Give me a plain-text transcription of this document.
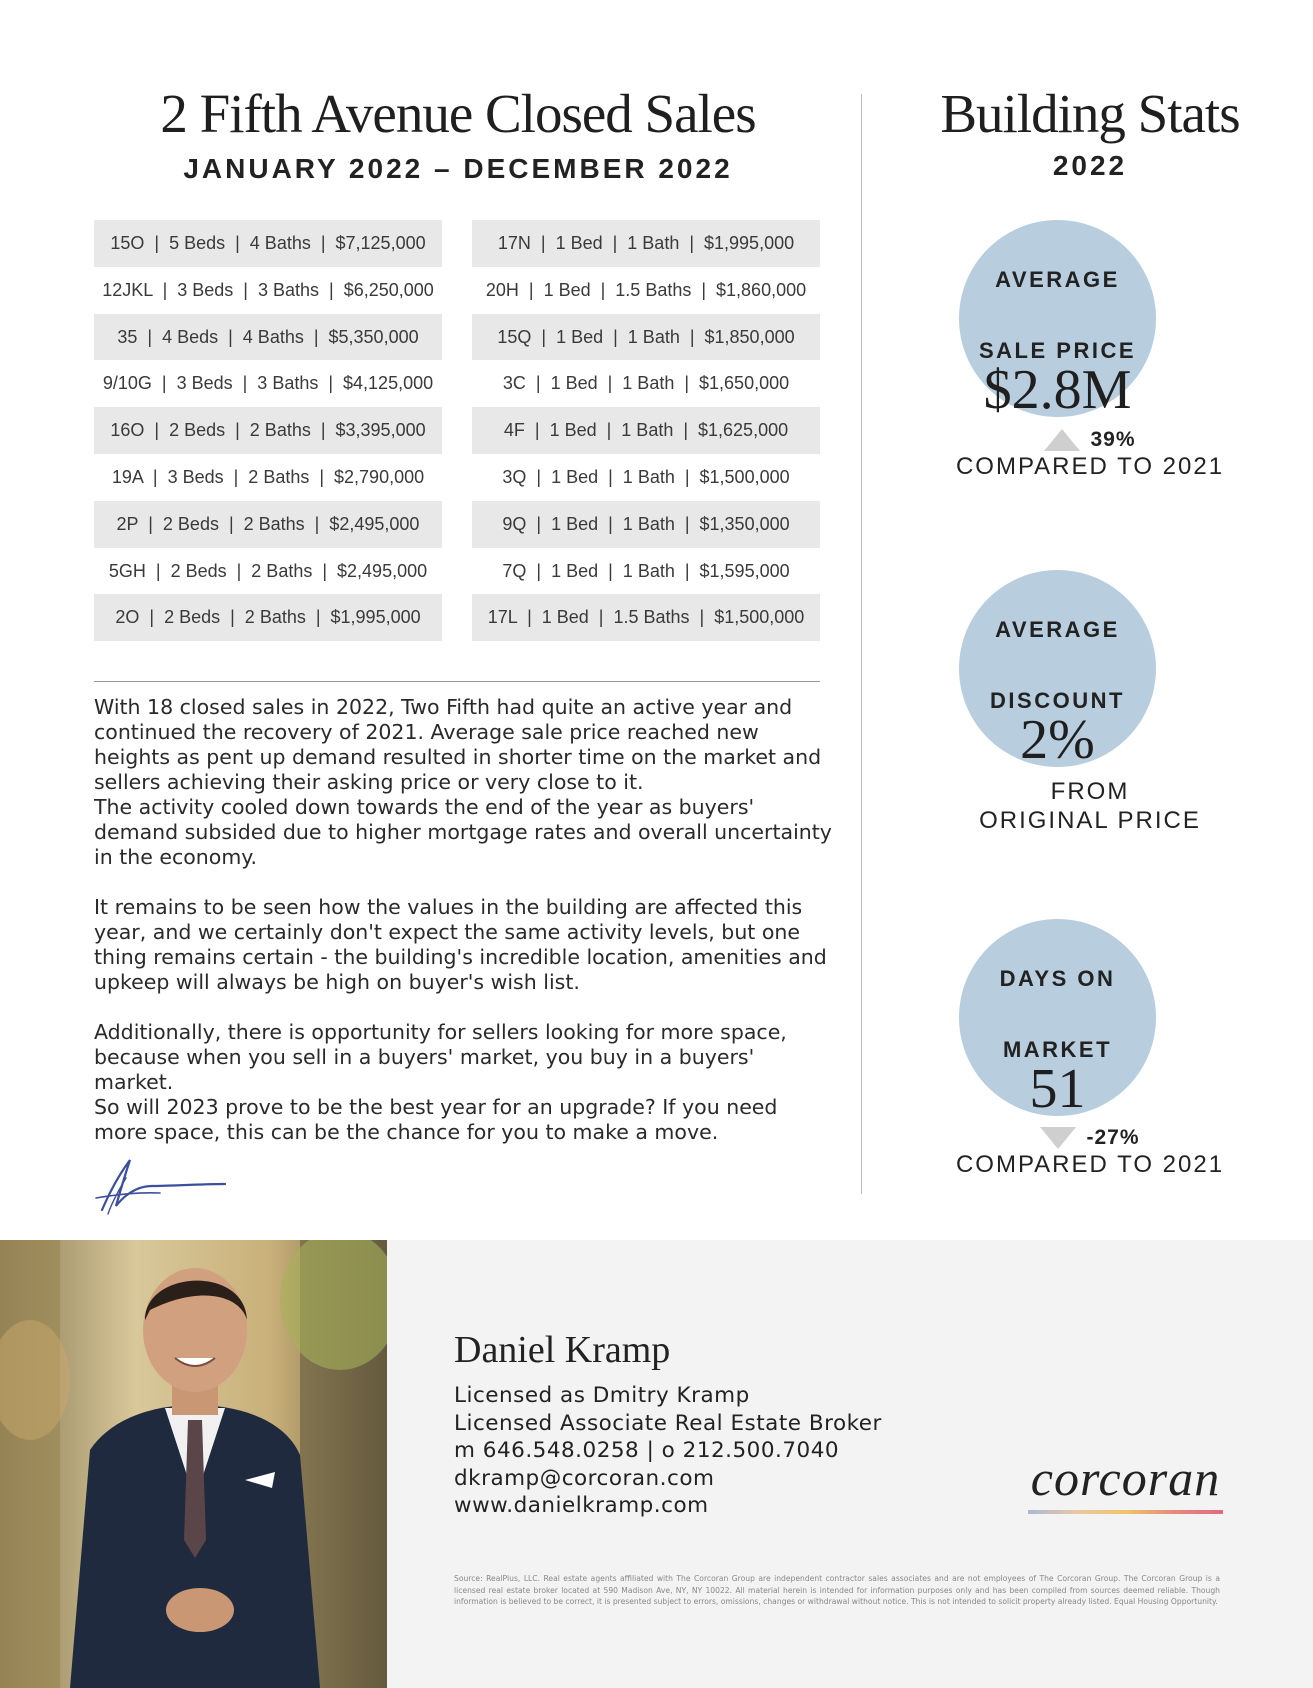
2 Fifth Avenue Closed Sales
JANUARY 2022 – DECEMBER 2022
15O  |  5 Beds  |  4 Baths  |  $7,125,000
12JKL  |  3 Beds  |  3 Baths  |  $6,250,000
35  |  4 Beds  |  4 Baths  |  $5,350,000
9/10G  |  3 Beds  |  3 Baths  |  $4,125,000
16O  |  2 Beds  |  2 Baths  |  $3,395,000
19A  |  3 Beds  |  2 Baths  |  $2,790,000
2P  |  2 Beds  |  2 Baths  |  $2,495,000
5GH  |  2 Beds  |  2 Baths  |  $2,495,000
2O  |  2 Beds  |  2 Baths  |  $1,995,000
17N  |  1 Bed  |  1 Bath  |  $1,995,000
20H  |  1 Bed  |  1.5 Baths  |  $1,860,000
15Q  |  1 Bed  |  1 Bath  |  $1,850,000
3C  |  1 Bed  |  1 Bath  |  $1,650,000
4F  |  1 Bed  |  1 Bath  |  $1,625,000
3Q  |  1 Bed  |  1 Bath  |  $1,500,000
9Q  |  1 Bed  |  1 Bath  |  $1,350,000
7Q  |  1 Bed  |  1 Bath  |  $1,595,000
17L  |  1 Bed  |  1.5 Baths  |  $1,500,000

With 18 closed sales in 2022, Two Fifth had quite an active year and continued the recovery of 2021. Average sale price reached new heights as pent up demand resulted in shorter time on the market and sellers achieving their asking price or very close to it.

The activity cooled down towards the end of the year as buyers' demand subsided due to higher mortgage rates and overall uncertainty in the economy.

It remains to be seen how the values in the building are affected this year, and we certainly don't expect the same activity levels, but one thing remains certain - the building's incredible location, amenities and upkeep will always be high on buyer's wish list.

Additionally, there is opportunity for sellers looking for more space, because when you sell in a buyers' market, you buy in a buyers' market.

So will 2023 prove to be the best year for an upgrade? If you need more space, this can be the chance for you to make a move.

Building Stats
2022
AVERAGE
SALE PRICE
$2.8M
39%
COMPARED TO 2021
AVERAGE
DISCOUNT
2%
FROM
ORIGINAL PRICE
DAYS ON
MARKET
51
-27%
COMPARED TO 2021
Daniel Kramp
Licensed as Dmitry Kramp
Licensed Associate Real Estate Broker
m 646.548.0258 | o 212.500.7040
dkramp@corcoran.com
www.danielkramp.com	corcoran
Source: RealPlus, LLC. Real estate agents affiliated with The Corcoran Group are independent contractor sales associates and are not employees of The Corcoran Group. The Corcoran Group is a licensed real estate broker located at 590 Madison Ave, NY, NY 10022. All material herein is intended for information purposes only and has been compiled from sources deemed reliable. Though information is believed to be correct, it is presented subject to errors, omissions, changes or withdrawal without notice. This is not intended to solicit property already listed. Equal Housing Opportunity.
